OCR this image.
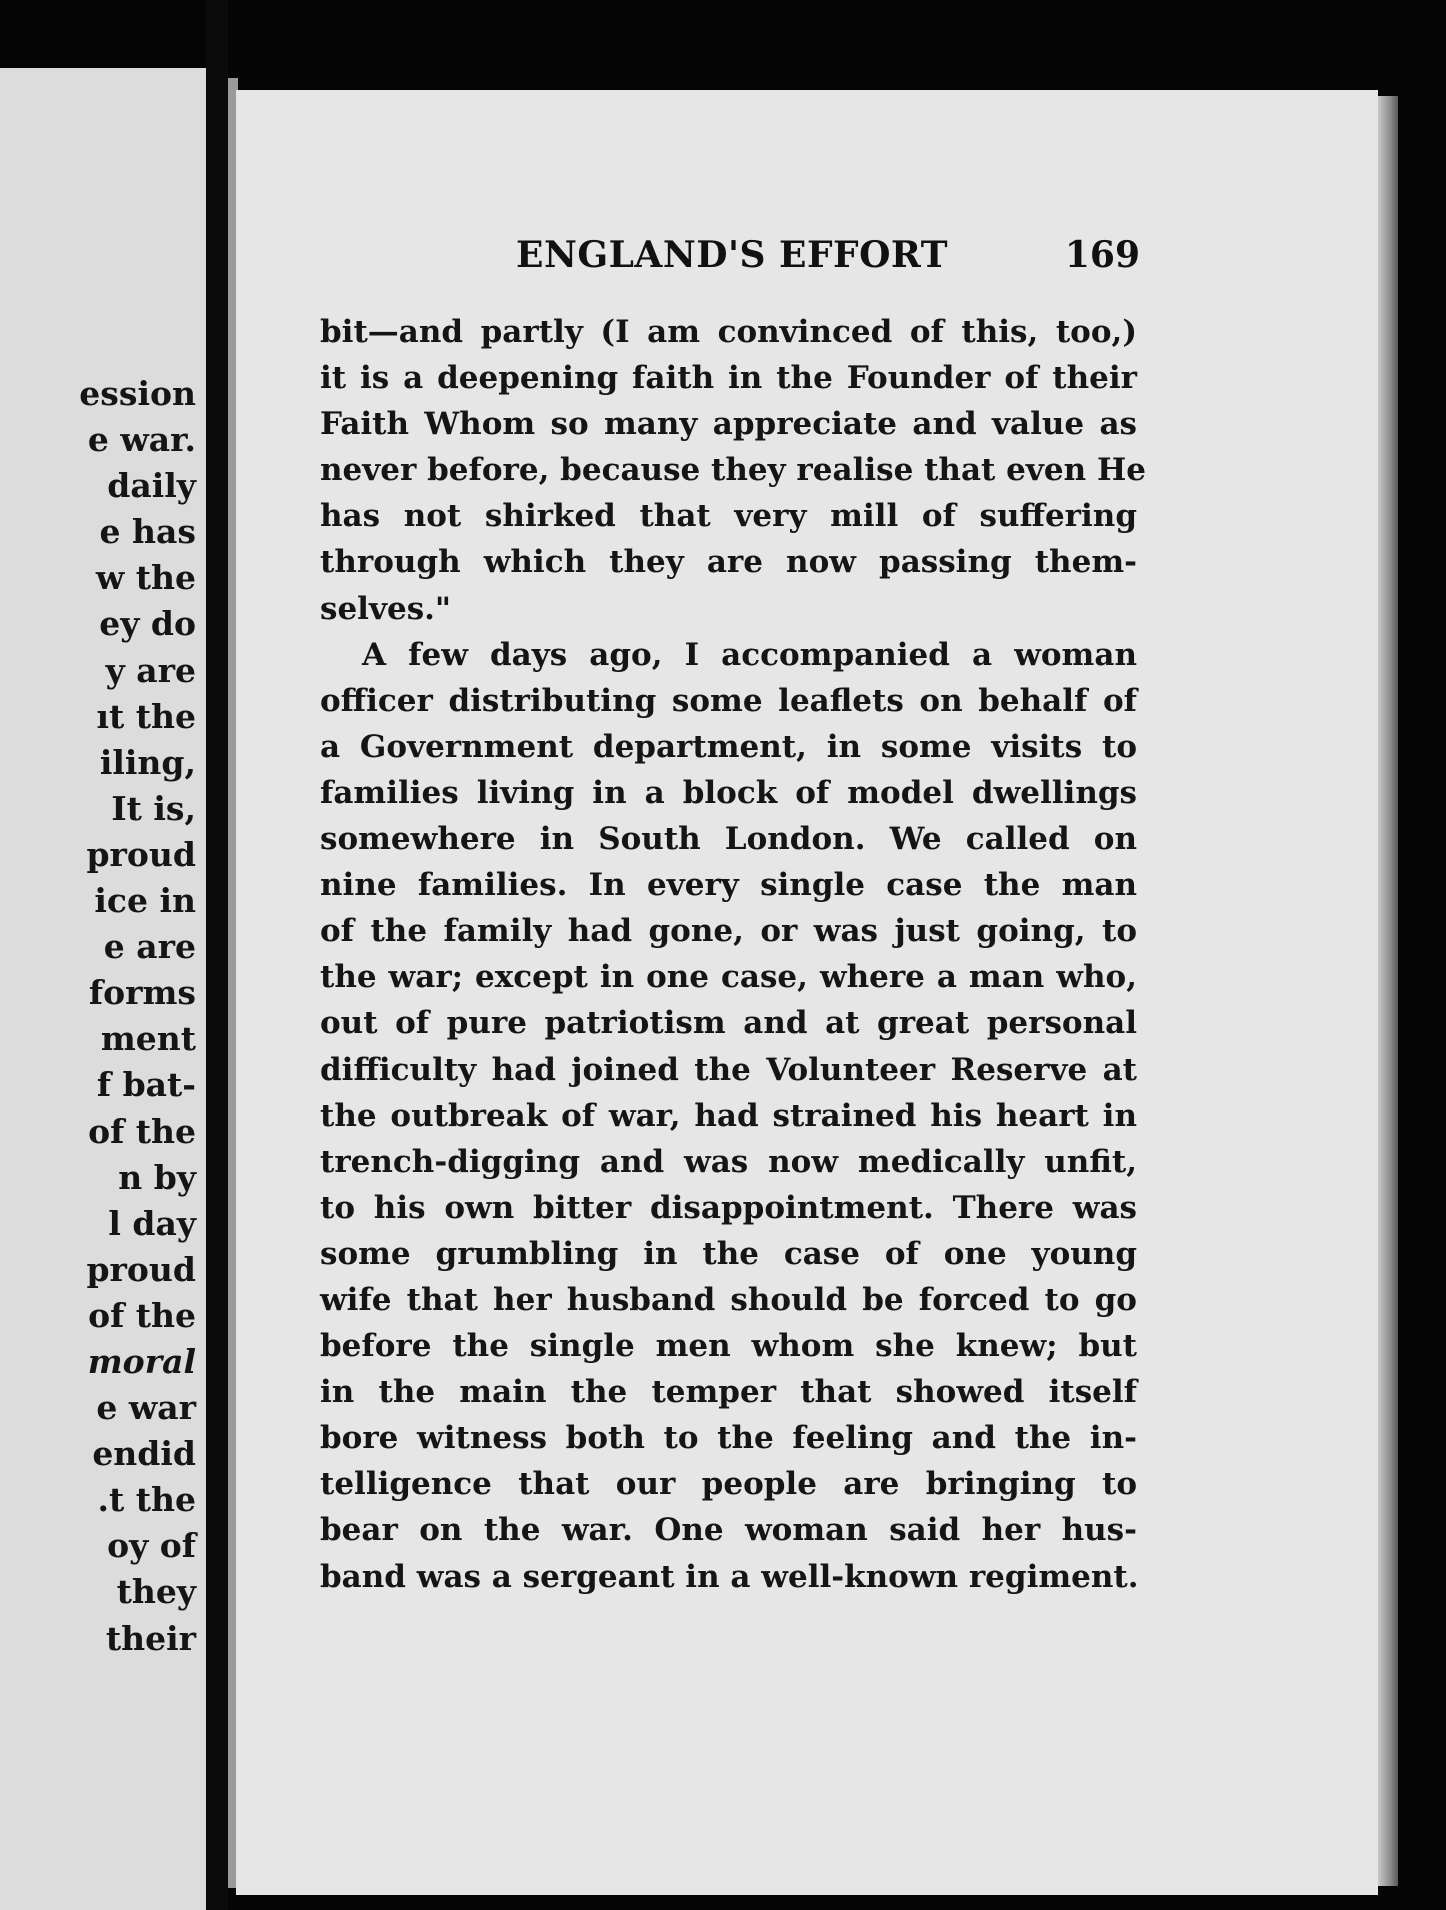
ession
e war.
daily
e has
w the
ey do
y are
ıt the
iling,
It is,
proud
ice in
e are
forms
ment
f bat-
of the
n by
l day
proud
of the
moral
e war
endid
.t the
oy of
they
their
ENGLAND'S EFFORT	169
bit—and partly (I am convinced of this, too,)
it is a deepening faith in the Founder of their
Faith Whom so many appreciate and value as
never before, because they realise that even He
has not shirked that very mill of suffering
through which they are now passing them-
selves."
A few days ago, I accompanied a woman
officer distributing some leaflets on behalf of
a Government department, in some visits to
families living in a block of model dwellings
somewhere in South London. We called on
nine families. In every single case the man
of the family had gone, or was just going, to
the war; except in one case, where a man who,
out of pure patriotism and at great personal
difficulty had joined the Volunteer Reserve at
the outbreak of war, had strained his heart in
trench-digging and was now medically unfit,
to his own bitter disappointment. There was
some grumbling in the case of one young
wife that her husband should be forced to go
before the single men whom she knew; but
in the main the temper that showed itself
bore witness both to the feeling and the in-
telligence that our people are bringing to
bear on the war. One woman said her hus-
band was a sergeant in a well-known regiment.
